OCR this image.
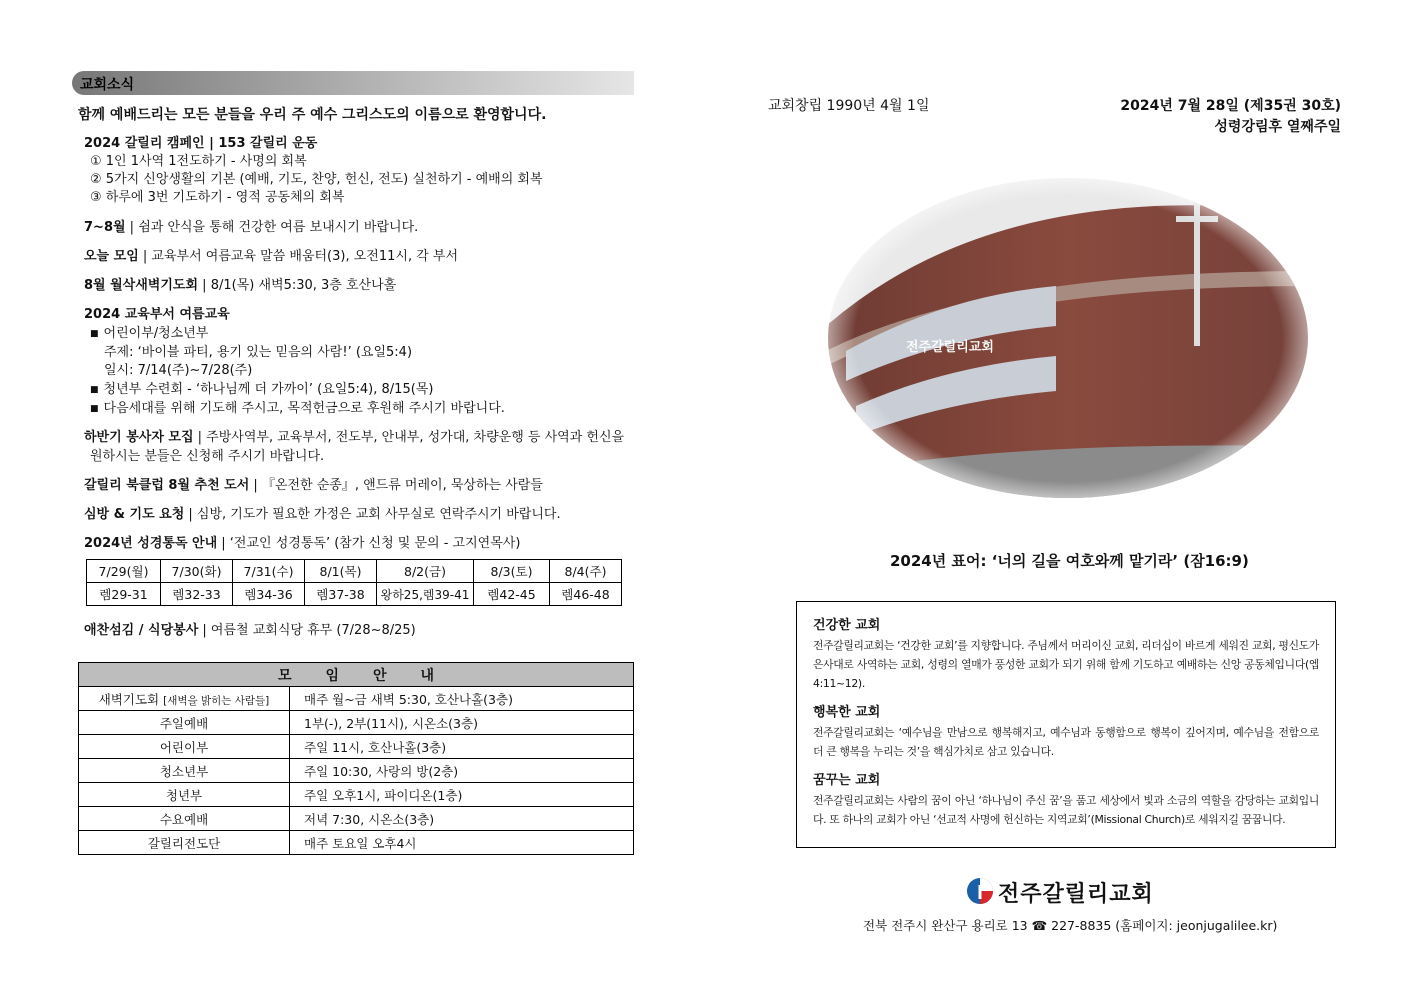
교회소식
함께 예배드리는 모든 분들을 우리 주 예수 그리스도의 이름으로 환영합니다.
2024 갈릴리 캠페인 | 153 갈릴리 운동
① 1인 1사역 1전도하기 - 사명의 회복
② 5가지 신앙생활의 기본 (예배, 기도, 찬양, 헌신, 전도) 실천하기 - 예배의 회복
③ 하루에 3번 기도하기 - 영적 공동체의 회복
7~8월 | 쉼과 안식을 통해 건강한 여름 보내시기 바랍니다.
오늘 모임 | 교육부서 여름교육 말씀 배움터(3), 오전11시, 각 부서
8월 월삭새벽기도회 | 8/1(목) 새벽5:30, 3층 호산나홀
2024 교육부서 여름교육
■ 어린이부/청소년부
주제: ‘바이블 파티, 용기 있는 믿음의 사람!’ (요일5:4)
일시: 7/14(주)~7/28(주)
■ 청년부 수련회 - ‘하나님께 더 가까이’ (요일5:4), 8/15(목)
■ 다음세대를 위해 기도해 주시고, 목적헌금으로 후원해 주시기 바랍니다.
하반기 봉사자 모집 | 주방사역부, 교육부서, 전도부, 안내부, 성가대, 차량운행 등 사역과 헌신을
원하시는 분들은 신청해 주시기 바랍니다.
갈릴리 북클럽 8월 추천 도서 | 『온전한 순종』, 앤드류 머레이, 묵상하는 사람들
심방 & 기도 요청 | 심방, 기도가 필요한 가정은 교회 사무실로 연락주시기 바랍니다.
2024년 성경통독 안내 | ‘전교인 성경통독’ (참가 신청 및 문의 - 고지연목사)
7/29(월)	7/30(화)	7/31(수)	8/1(목)	8/2(금)	8/3(토)	8/4(주)
렘29-31	렘32-33	렘34-36	렘37-38	왕하25,렘39-41	렘42-45	렘46-48
애찬섬김 / 식당봉사 | 여름철 교회식당 휴무 (7/28~8/25)
모임안내	
새벽기도회 [새벽을 밝히는 사람들]	매주 월~금 새벽 5:30, 호산나홀(3층)
주일예배	1부(-), 2부(11시), 시온소(3층)
어린이부	주일 11시, 호산나홀(3층)
청소년부	주일 10:30, 사랑의 방(2층)
청년부	주일 오후1시, 파이디온(1층)
수요예배	저녁 7:30, 시온소(3층)
갈릴리전도단	매주 토요일 오후4시
교회창립 1990년 4월 1일	2024년 7월 28일 (제35권 30호)
성령강림후 열째주일
2024년 표어: ‘너의 길을 여호와께 맡기라’ (잠16:9)
건강한 교회

전주갈릴리교회는 ‘건강한 교회’를 지향합니다. 주님께서 머리이신 교회, 리더십이 바르게 세워진 교회, 평신도가 은사대로 사역하는 교회, 성령의 열매가 풍성한 교회가 되기 위해 함께 기도하고 예배하는 신앙 공동체입니다(엡4:11~12).

행복한 교회

전주갈릴리교회는 ‘예수님을 만남으로 행복해지고, 예수님과 동행함으로 행복이 깊어지며, 예수님을 전함으로 더 큰 행복을 누리는 것’을 핵심가치로 삼고 있습니다.

꿈꾸는 교회

전주갈릴리교회는 사람의 꿈이 아닌 ‘하나님이 주신 꿈’을 품고 세상에서 빛과 소금의 역할을 감당하는 교회입니다. 또 하나의 교회가 아닌 ‘선교적 사명에 헌신하는 지역교회’(Missional Church)로 세워지길 꿈꿉니다.

전주갈릴리교회
전북 전주시 완산구 용리로 13 ☎ 227-8835 (홈페이지: jeonjugalilee.kr)
